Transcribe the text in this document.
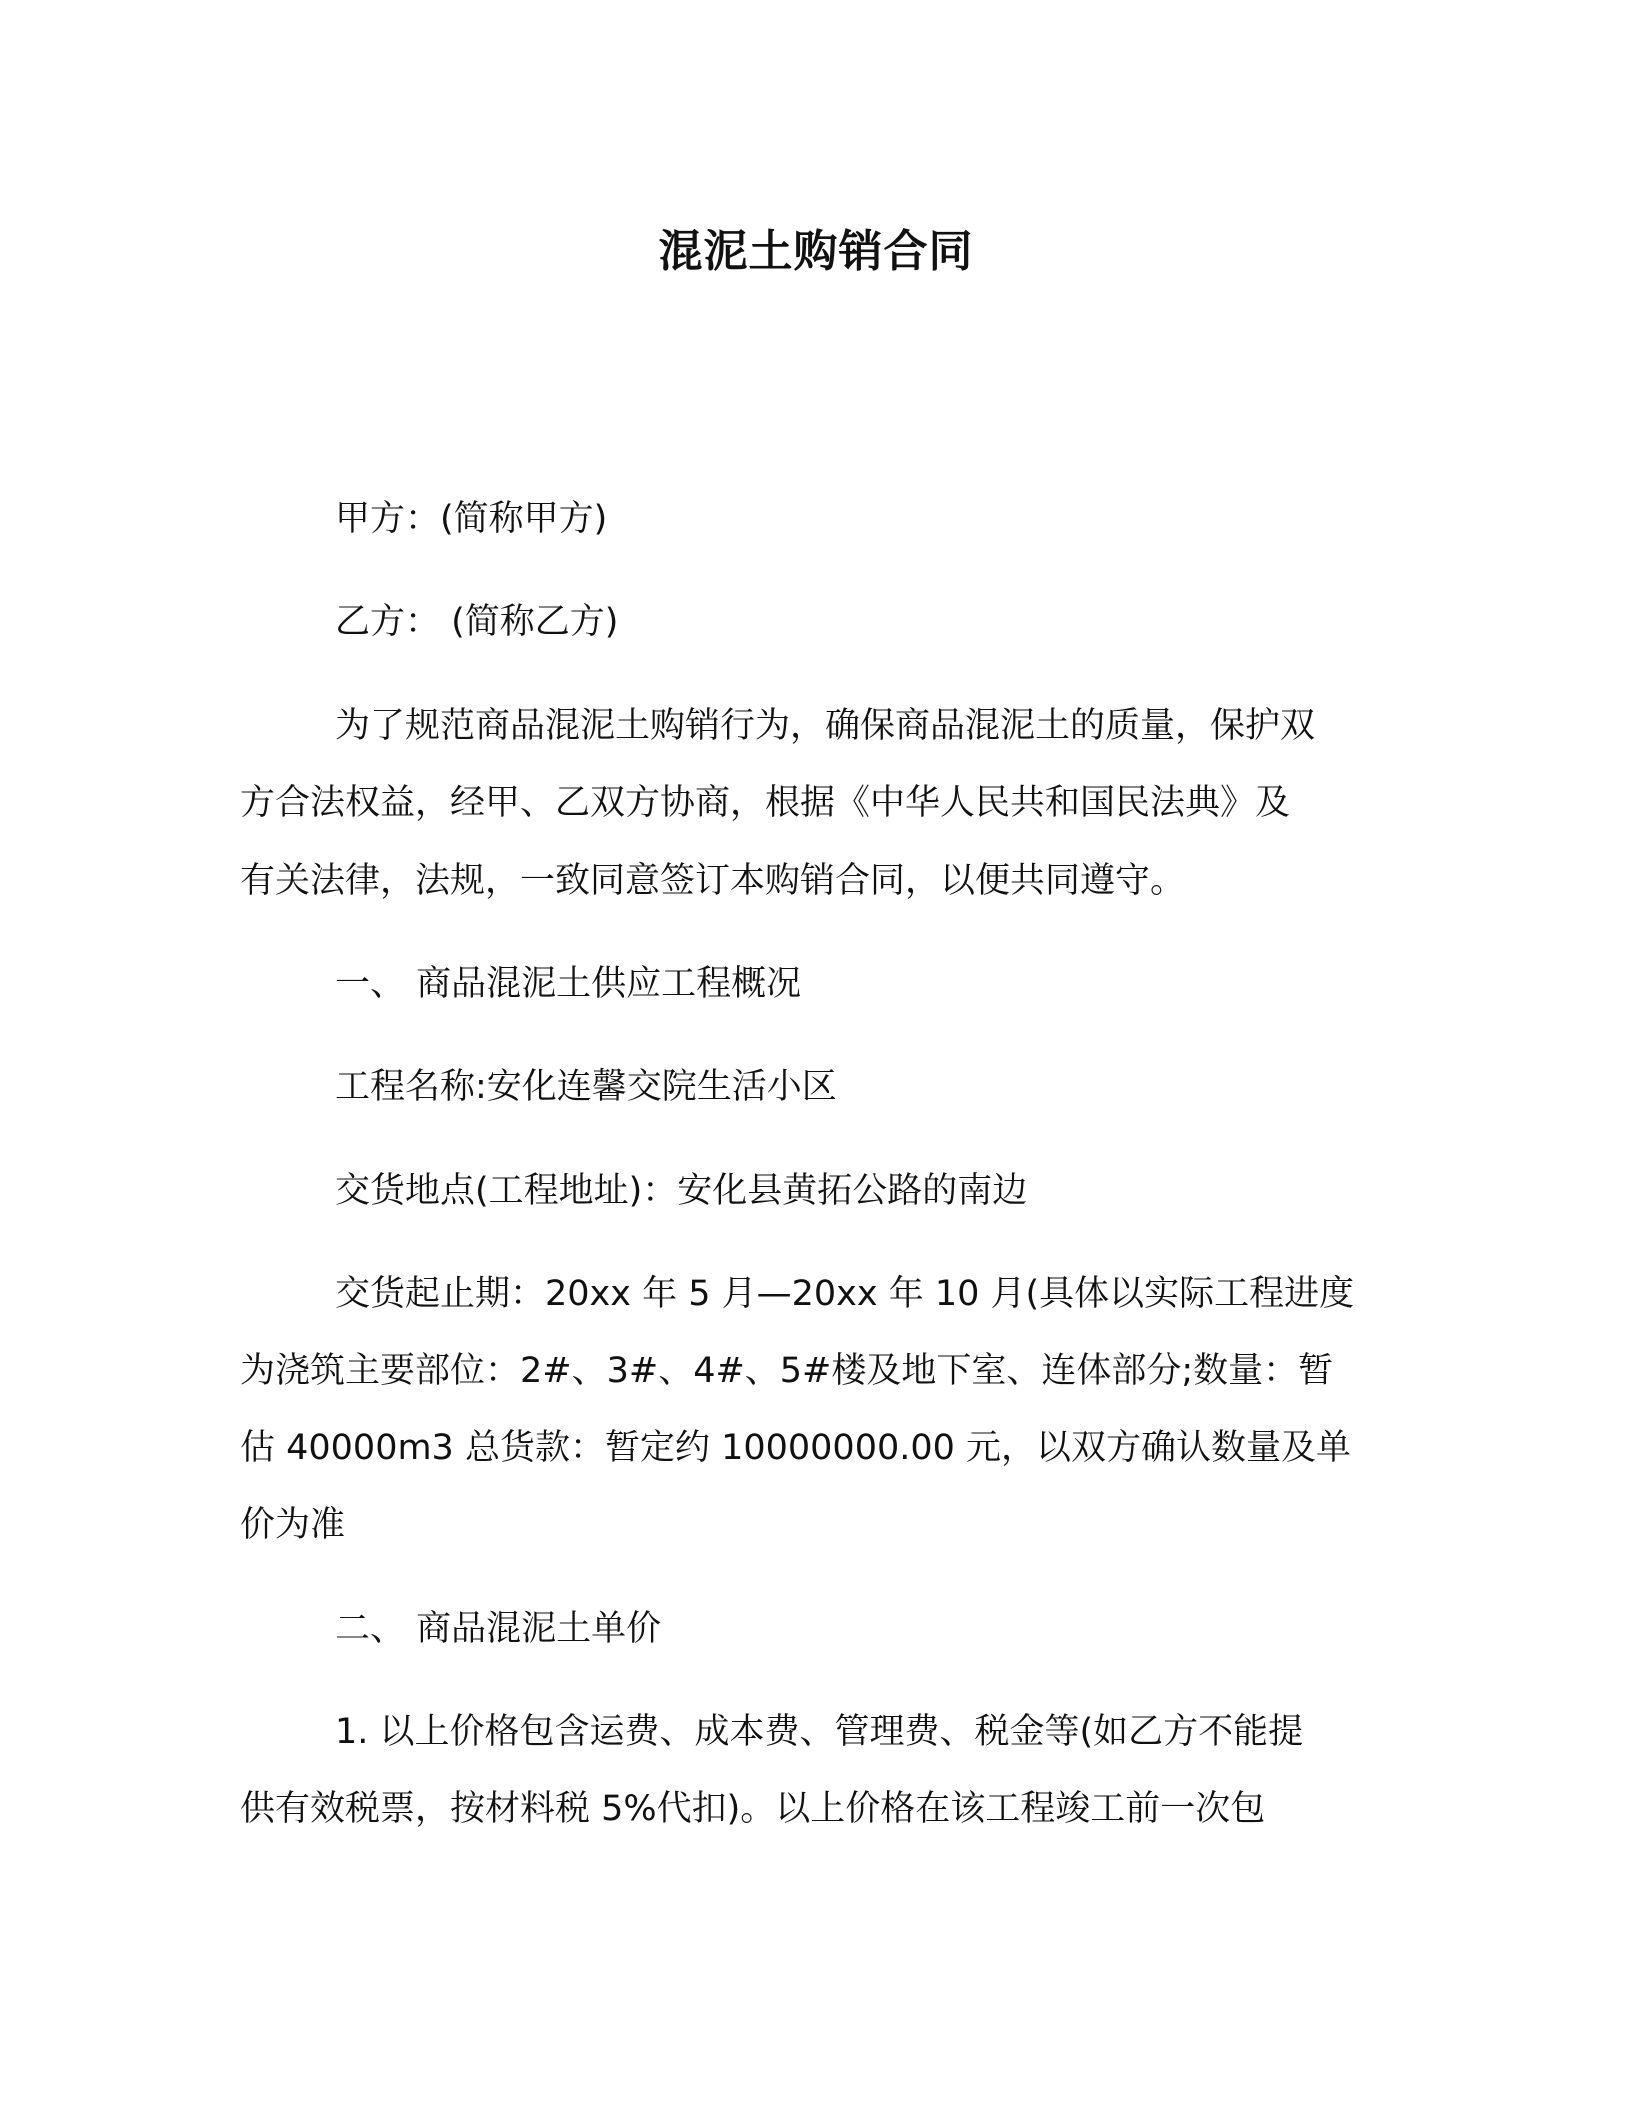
混泥土购销合同
甲方：(简称甲方)
乙方： (简称乙方)
为了规范商品混泥土购销行为，确保商品混泥土的质量，保护双
方合法权益，经甲、乙双方协商，根据《中华人民共和国民法典》及
有关法律，法规，一致同意签订本购销合同，以便共同遵守。
一、 商品混泥土供应工程概况
工程名称:安化连馨交院生活小区
交货地点(工程地址)：安化县黄拓公路的南边
交货起止期：20xx 年 5 月—20xx 年 10 月(具体以实际工程进度
为浇筑主要部位：2#、3#、4#、5#楼及地下室、连体部分;数量：暂
估 40000m3 总货款：暂定约 10000000.00 元，以双方确认数量及单
价为准
二、 商品混泥土单价
1. 以上价格包含运费、成本费、管理费、税金等(如乙方不能提
供有效税票，按材料税 5%代扣)。以上价格在该工程竣工前一次包
